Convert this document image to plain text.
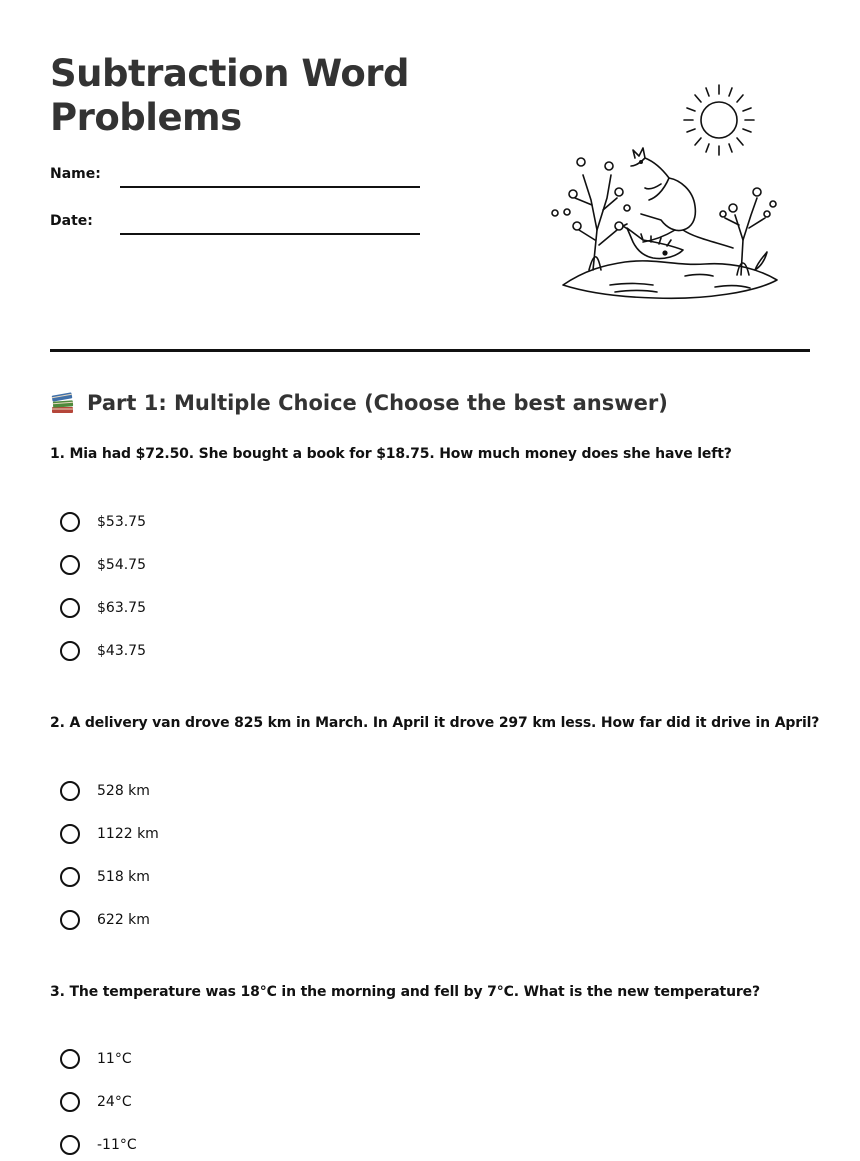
Subtraction Word Problems
Name:
Date:
Part 1: Multiple Choice (Choose the best answer)

1. Mia had $72.50. She bought a book for $18.75. How much money does she have left?

$53.75
$54.75
$63.75
$43.75

2. A delivery van drove 825 km in March. In April it drove 297 km less. How far did it drive in April?

528 km
1122 km
518 km
622 km

3. The temperature was 18°C in the morning and fell by 7°C. What is the new temperature?

11°C
24°C
-11°C
